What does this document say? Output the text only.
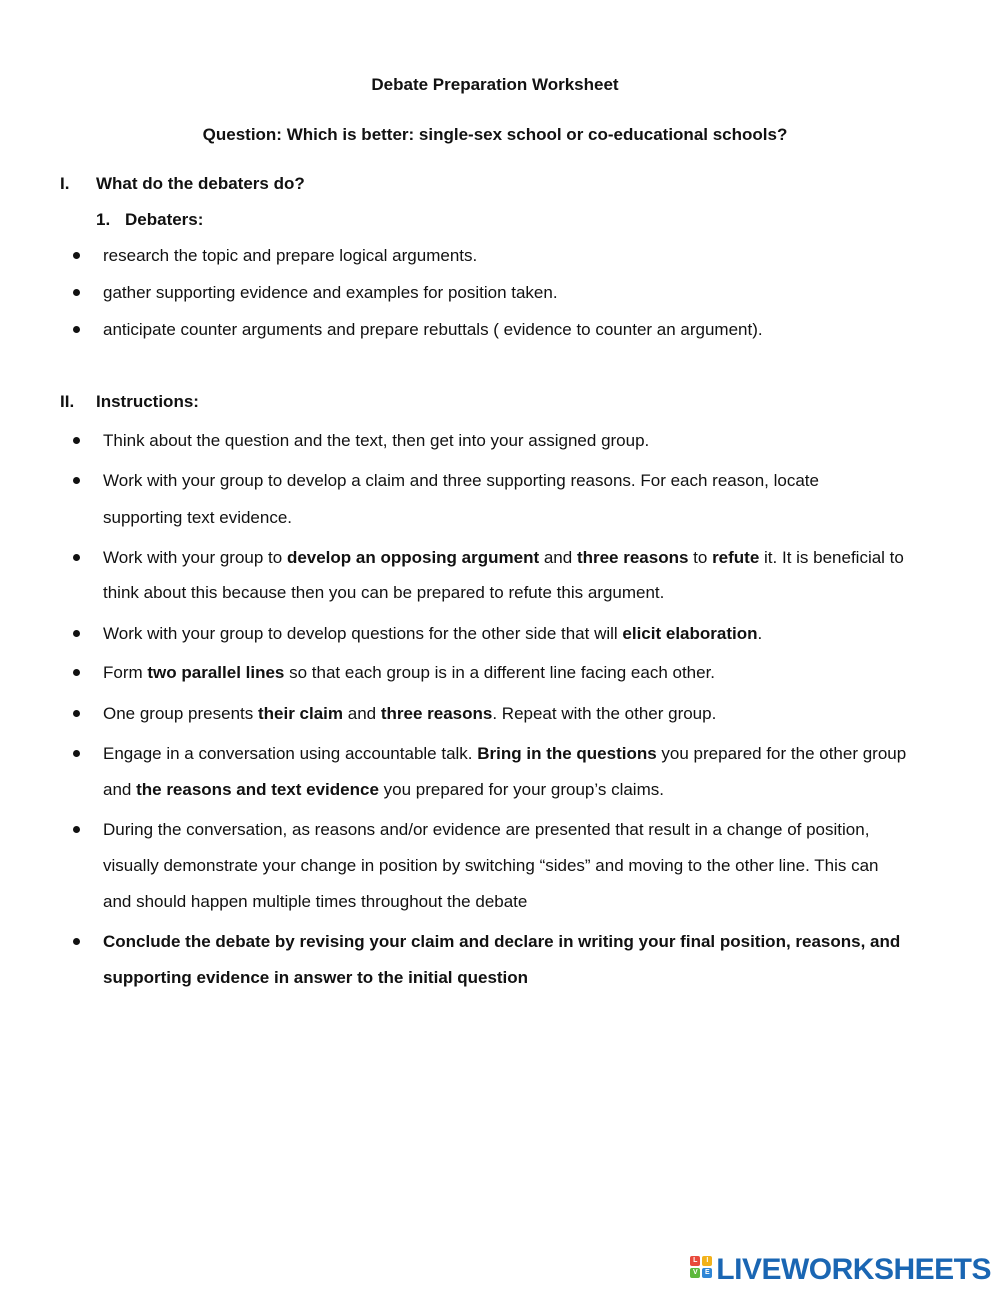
Debate Preparation Worksheet
Question: Which is better: single-sex school or co-educational schools?
I. What do the debaters do?
1. Debaters:
research the topic and prepare logical arguments.
gather supporting evidence and examples for position taken.
anticipate counter arguments and prepare rebuttals ( evidence to counter an argument).
II. Instructions:
Think about the question and the text, then get into your assigned group.
Work with your group to develop a claim and three supporting reasons. For each reason, locate
supporting text evidence.
Work with your group to develop an opposing argument and three reasons to refute it. It is beneficial to
think about this because then you can be prepared to refute this argument.
Work with your group to develop questions for the other side that will elicit elaboration.
Form two parallel lines so that each group is in a different line facing each other.
One group presents their claim and three reasons. Repeat with the other group.
Engage in a conversation using accountable talk. Bring in the questions you prepared for the other group
and the reasons and text evidence you prepared for your group’s claims.
During the conversation, as reasons and/or evidence are presented that result in a change of position,
visually demonstrate your change in position by switching “sides” and moving to the other line. This can
and should happen multiple times throughout the debate
Conclude the debate by revising your claim and declare in writing your final position, reasons, and
supporting evidence in answer to the initial question
L	I
V	E LIVEWORKSHEETS
